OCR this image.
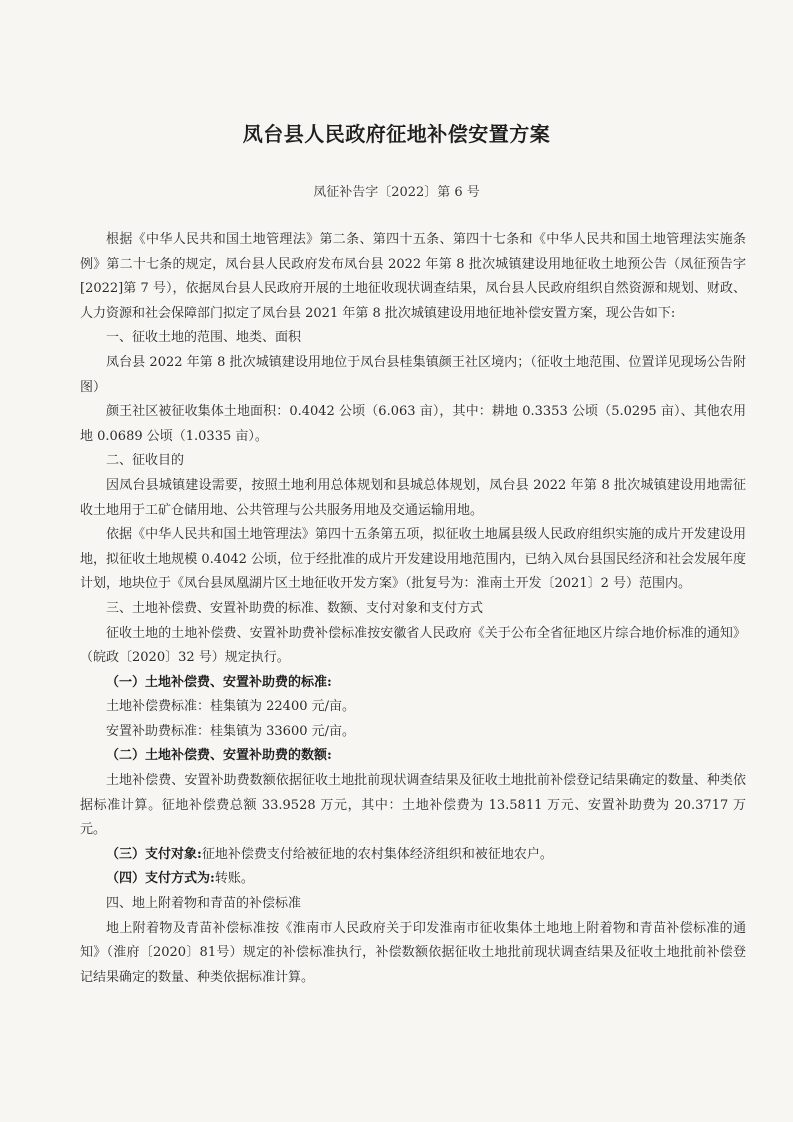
凤台县人民政府征地补偿安置方案
凤征补告字〔2022〕第 6 号

根据《中华人民共和国土地管理法》第二条、第四十五条、第四十七条和《中华人民共和国土地管理法实施条例》第二十七条的规定，凤台县人民政府发布凤台县 2022 年第 8 批次城镇建设用地征收土地预公告（凤征预告字[2022]第 7 号），依据凤台县人民政府开展的土地征收现状调查结果，凤台县人民政府组织自然资源和规划、财政、人力资源和社会保障部门拟定了凤台县 2021 年第 8 批次城镇建设用地征地补偿安置方案，现公告如下:

一、征收土地的范围、地类、面积

凤台县 2022 年第 8 批次城镇建设用地位于凤台县桂集镇颜王社区境内；（征收土地范围、位置详见现场公告附图）

颜王社区被征收集体土地面积：0.4042 公顷（6.063 亩），其中：耕地 0.3353 公顷（5.0295 亩）、其他农用地 0.0689 公顷（1.0335 亩）。

二、征收目的

因凤台县城镇建设需要，按照土地利用总体规划和县城总体规划，凤台县 2022 年第 8 批次城镇建设用地需征收土地用于工矿仓储用地、公共管理与公共服务用地及交通运输用地。

依据《中华人民共和国土地管理法》第四十五条第五项，拟征收土地属县级人民政府组织实施的成片开发建设用地，拟征收土地规模 0.4042 公顷，位于经批准的成片开发建设用地范围内，已纳入凤台县国民经济和社会发展年度计划，地块位于《凤台县凤凰湖片区土地征收开发方案》（批复号为：淮南土开发〔2021〕2 号）范围内。

三、土地补偿费、安置补助费的标准、数额、支付对象和支付方式

征收土地的土地补偿费、安置补助费补偿标准按安徽省人民政府《关于公布全省征地区片综合地价标准的通知》（皖政〔2020〕32 号）规定执行。

（一）土地补偿费、安置补助费的标准:

土地补偿费标准：桂集镇为 22400 元/亩。

安置补助费标准：桂集镇为 33600 元/亩。

（二）土地补偿费、安置补助费的数额:

土地补偿费、安置补助费数额依据征收土地批前现状调查结果及征收土地批前补偿登记结果确定的数量、种类依据标准计算。征地补偿费总额 33.9528 万元，其中：土地补偿费为 13.5811 万元、安置补助费为 20.3717 万元。

（三）支付对象:征地补偿费支付给被征地的农村集体经济组织和被征地农户。

（四）支付方式为:转账。

四、地上附着物和青苗的补偿标准

地上附着物及青苗补偿标准按《淮南市人民政府关于印发淮南市征收集体土地地上附着物和青苗补偿标准的通知》（淮府〔2020〕81号）规定的补偿标准执行，补偿数额依据征收土地批前现状调查结果及征收土地批前补偿登记结果确定的数量、种类依据标准计算。
